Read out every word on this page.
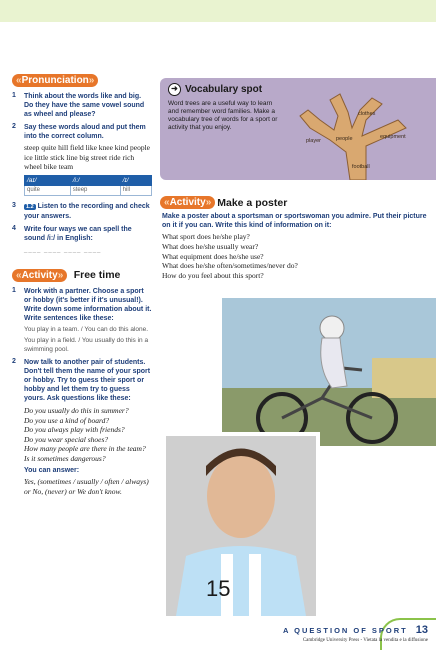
«Pronunciation»
1 Think about the words like and big. Do they have the same vowel sound as wheel and please?
2 Say these words aloud and put them into the correct column.
steep quite hill field like knee kind people ice little stick line big street ride rich wheel bike team
/aɪ/	/iː/	/ɪ/
quite	steep	hill
3	1.2 Listen to the recording and check your answers.
4 Write four ways we can spell the sound /iː/ in English:
____ ____ ____ ____
«Activity» Free time
1 Work with a partner. Choose a sport or hobby (it's better if it's unusual!). Write down some information about it. Write sentences like these:
You play in a team. / You can do this alone.
You play in a field. / You usually do this in a swimming pool.
2 Now talk to another pair of students. Don't tell them the name of your sport or hobby. Try to guess their sport or hobby and let them try to guess yours. Ask questions like these:
Do you usually do this in summer?
Do you use a kind of board?
Do you always play with friends?
Do you wear special shoes?
How many people are there in the team?
Is it sometimes dangerous?
You can answer:
Yes, (sometimes / usually / often / always) or No, (never) or We don't know.
➜ Vocabulary spot
Word trees are a useful way to learn and remember word families. Make a vocabulary tree of words for a sport or activity that you enjoy.
player	people
clothes
equipment
football
«Activity» Make a poster
Make a poster about a sportsman or sportswoman you admire. Put their picture on it if you can. Write this kind of information on it:
What sport does he/she play?
What does he/she usually wear?
What equipment does he/she use?
What does he/she often/sometimes/never do?
How do you feel about this sport?
15
A QUESTION OF SPORT 13
Cambridge University Press - Vietata la vendita e la diffusione
